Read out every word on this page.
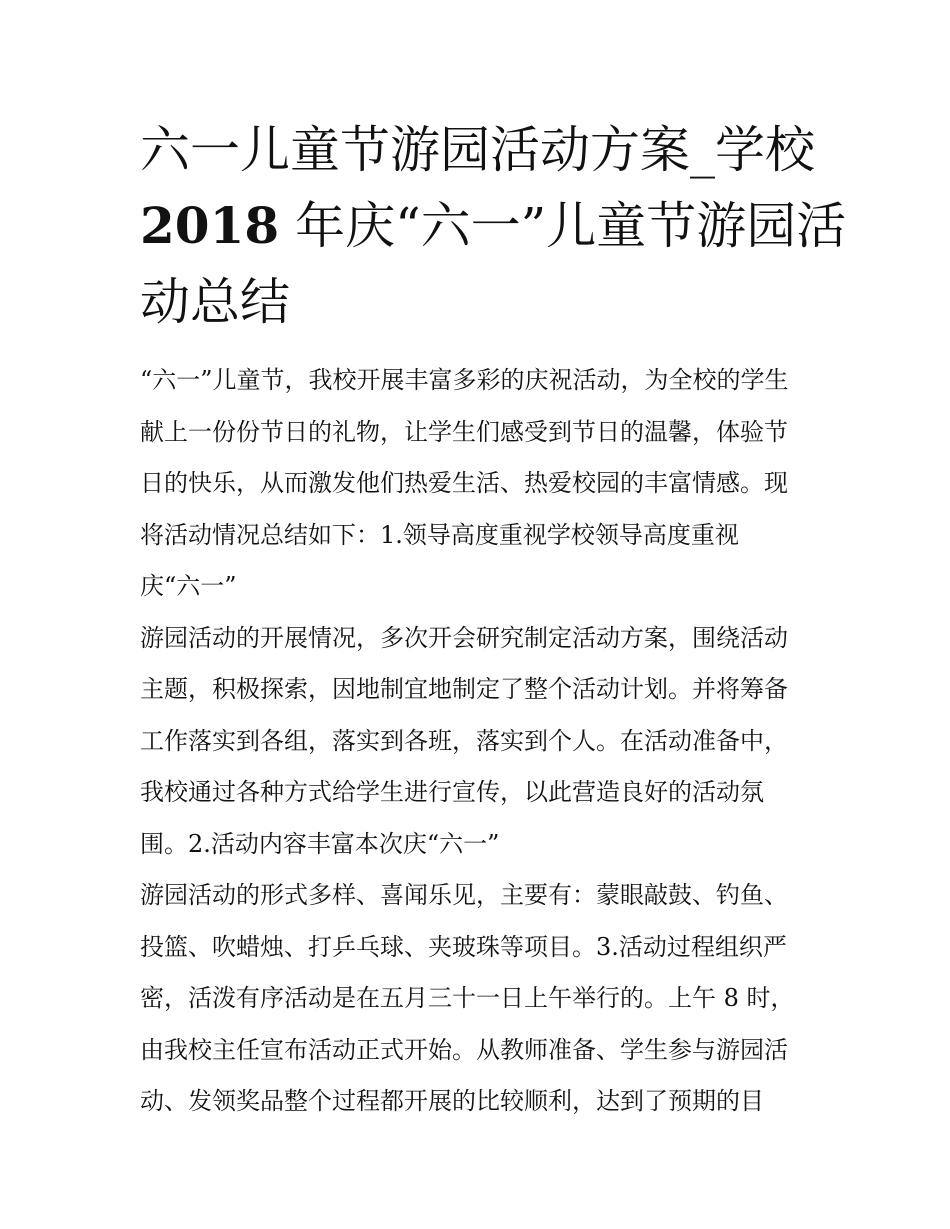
六一儿童节游园活动方案_学校
2018 年庆“六一”儿童节游园活
动总结
“六一”儿童节，我校开展丰富多彩的庆祝活动，为全校的学生
献上一份份节日的礼物，让学生们感受到节日的温馨，体验节
日的快乐，从而激发他们热爱生活、热爱校园的丰富情感。现
将活动情况总结如下：1.领导高度重视学校领导高度重视
庆“六一”
游园活动的开展情况，多次开会研究制定活动方案，围绕活动
主题，积极探索，因地制宜地制定了整个活动计划。并将筹备
工作落实到各组，落实到各班，落实到个人。在活动准备中，
我校通过各种方式给学生进行宣传，以此营造良好的活动氛
围。2.活动内容丰富本次庆“六一”
游园活动的形式多样、喜闻乐见，主要有：蒙眼敲鼓、钓鱼、
投篮、吹蜡烛、打乒乓球、夹玻珠等项目。3.活动过程组织严
密，活泼有序活动是在五月三十一日上午举行的。上午 8 时，
由我校主任宣布活动正式开始。从教师准备、学生参与游园活
动、发领奖品整个过程都开展的比较顺利，达到了预期的目
